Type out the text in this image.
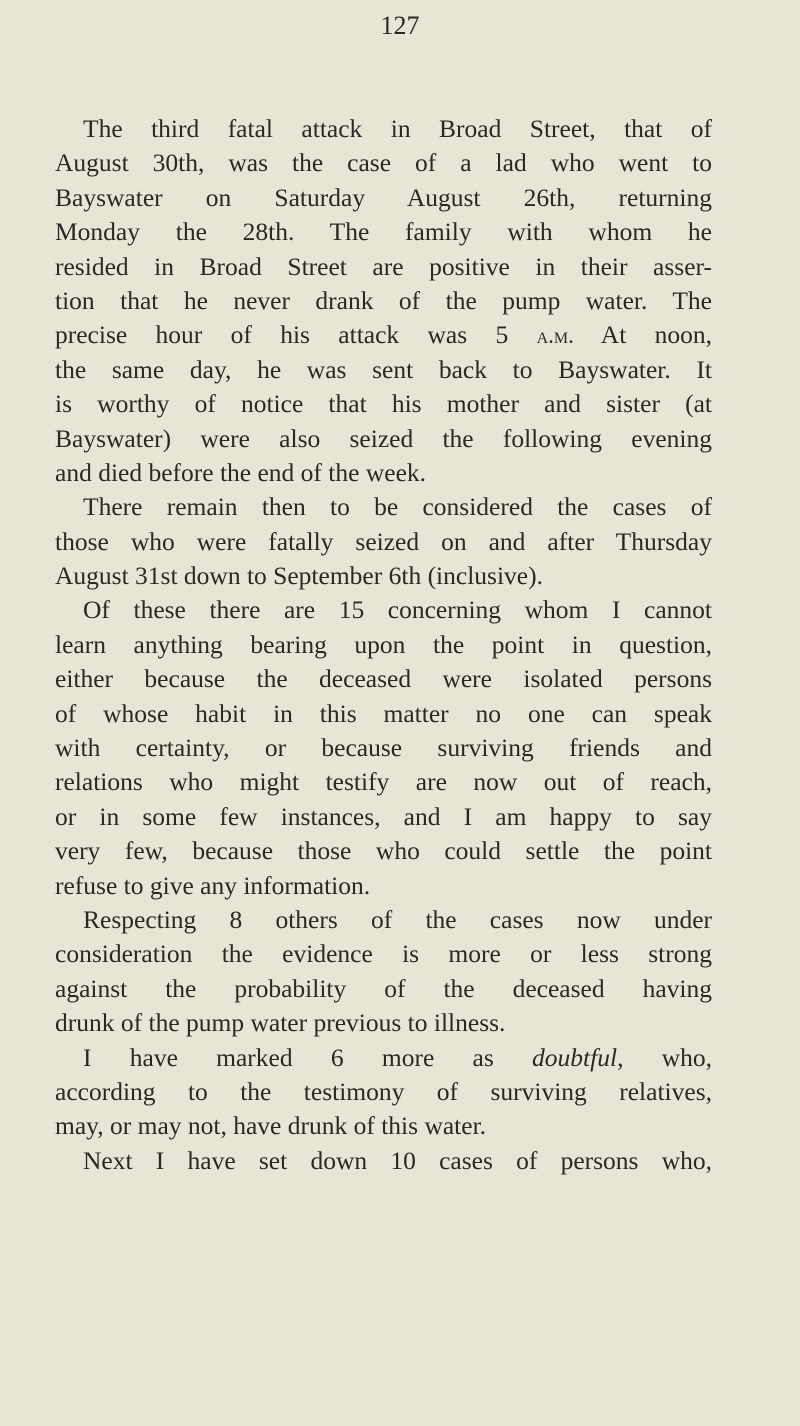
127
The third fatal attack in Broad Street, that of
August 30th, was the case of a lad who went to
Bayswater on Saturday August 26th, returning
Monday the 28th. The family with whom he
resided in Broad Street are positive in their asser-
tion that he never drank of the pump water. The
precise hour of his attack was 5 a.m. At noon,
the same day, he was sent back to Bayswater. It
is worthy of notice that his mother and sister (at
Bayswater) were also seized the following evening
and died before the end of the week.
There remain then to be considered the cases of
those who were fatally seized on and after Thursday
August 31st down to September 6th (inclusive).
Of these there are 15 concerning whom I cannot
learn anything bearing upon the point in question,
either because the deceased were isolated persons
of whose habit in this matter no one can speak
with certainty, or because surviving friends and
relations who might testify are now out of reach,
or in some few instances, and I am happy to say
very few, because those who could settle the point
refuse to give any information.
Respecting 8 others of the cases now under
consideration the evidence is more or less strong
against the probability of the deceased having
drunk of the pump water previous to illness.
I have marked 6 more as doubtful, who,
according to the testimony of surviving relatives,
may, or may not, have drunk of this water.
Next I have set down 10 cases of persons who,
